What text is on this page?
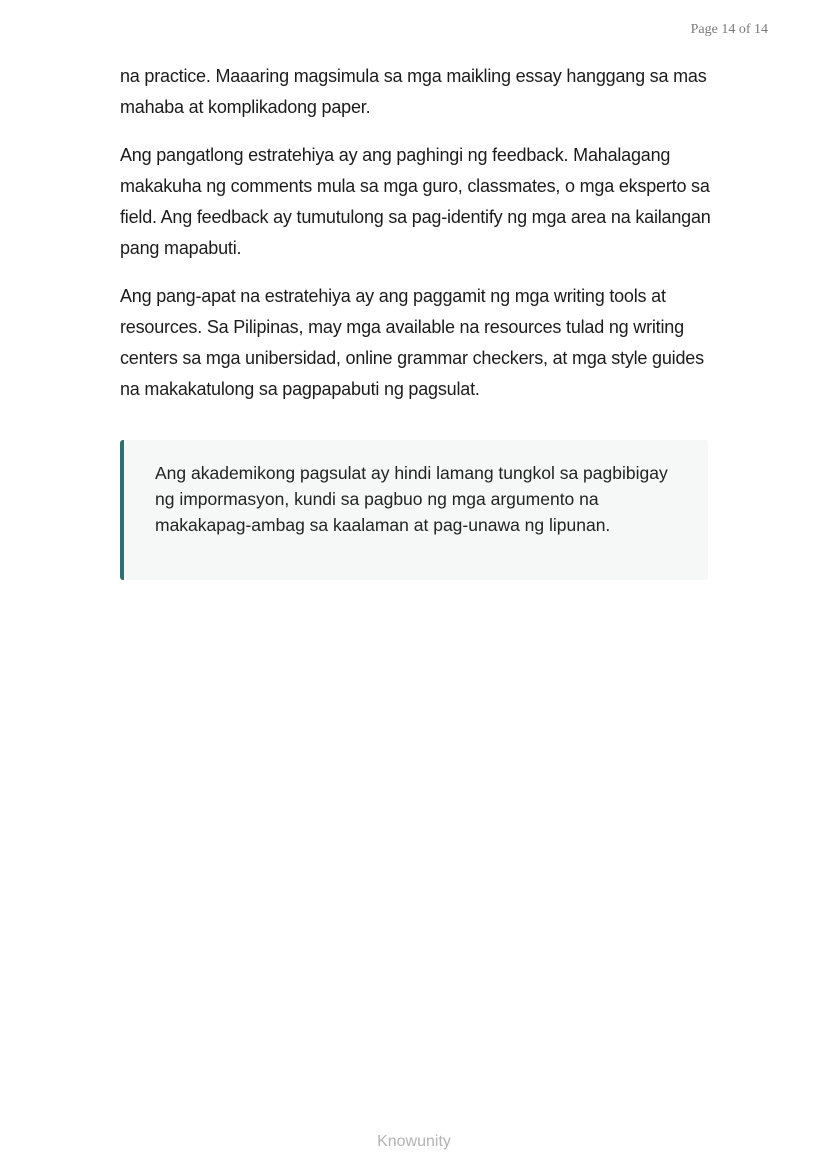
Page 14 of 14

na practice. Maaaring magsimula sa mga maikling essay hanggang sa mas mahaba at komplikadong paper.

Ang pangatlong estratehiya ay ang paghingi ng feedback. Mahalagang makakuha ng comments mula sa mga guro, classmates, o mga eksperto sa field. Ang feedback ay tumutulong sa pag-identify ng mga area na kailangan pang mapabuti.

Ang pang-apat na estratehiya ay ang paggamit ng mga writing tools at resources. Sa Pilipinas, may mga available na resources tulad ng writing centers sa mga unibersidad, online grammar checkers, at mga style guides na makakatulong sa pagpapabuti ng pagsulat.

Ang akademikong pagsulat ay hindi lamang tungkol sa pagbibigay ng impormasyon, kundi sa pagbuo ng mga argumento na makakapag-ambag sa kaalaman at pag-unawa ng lipunan.

Knowunity
